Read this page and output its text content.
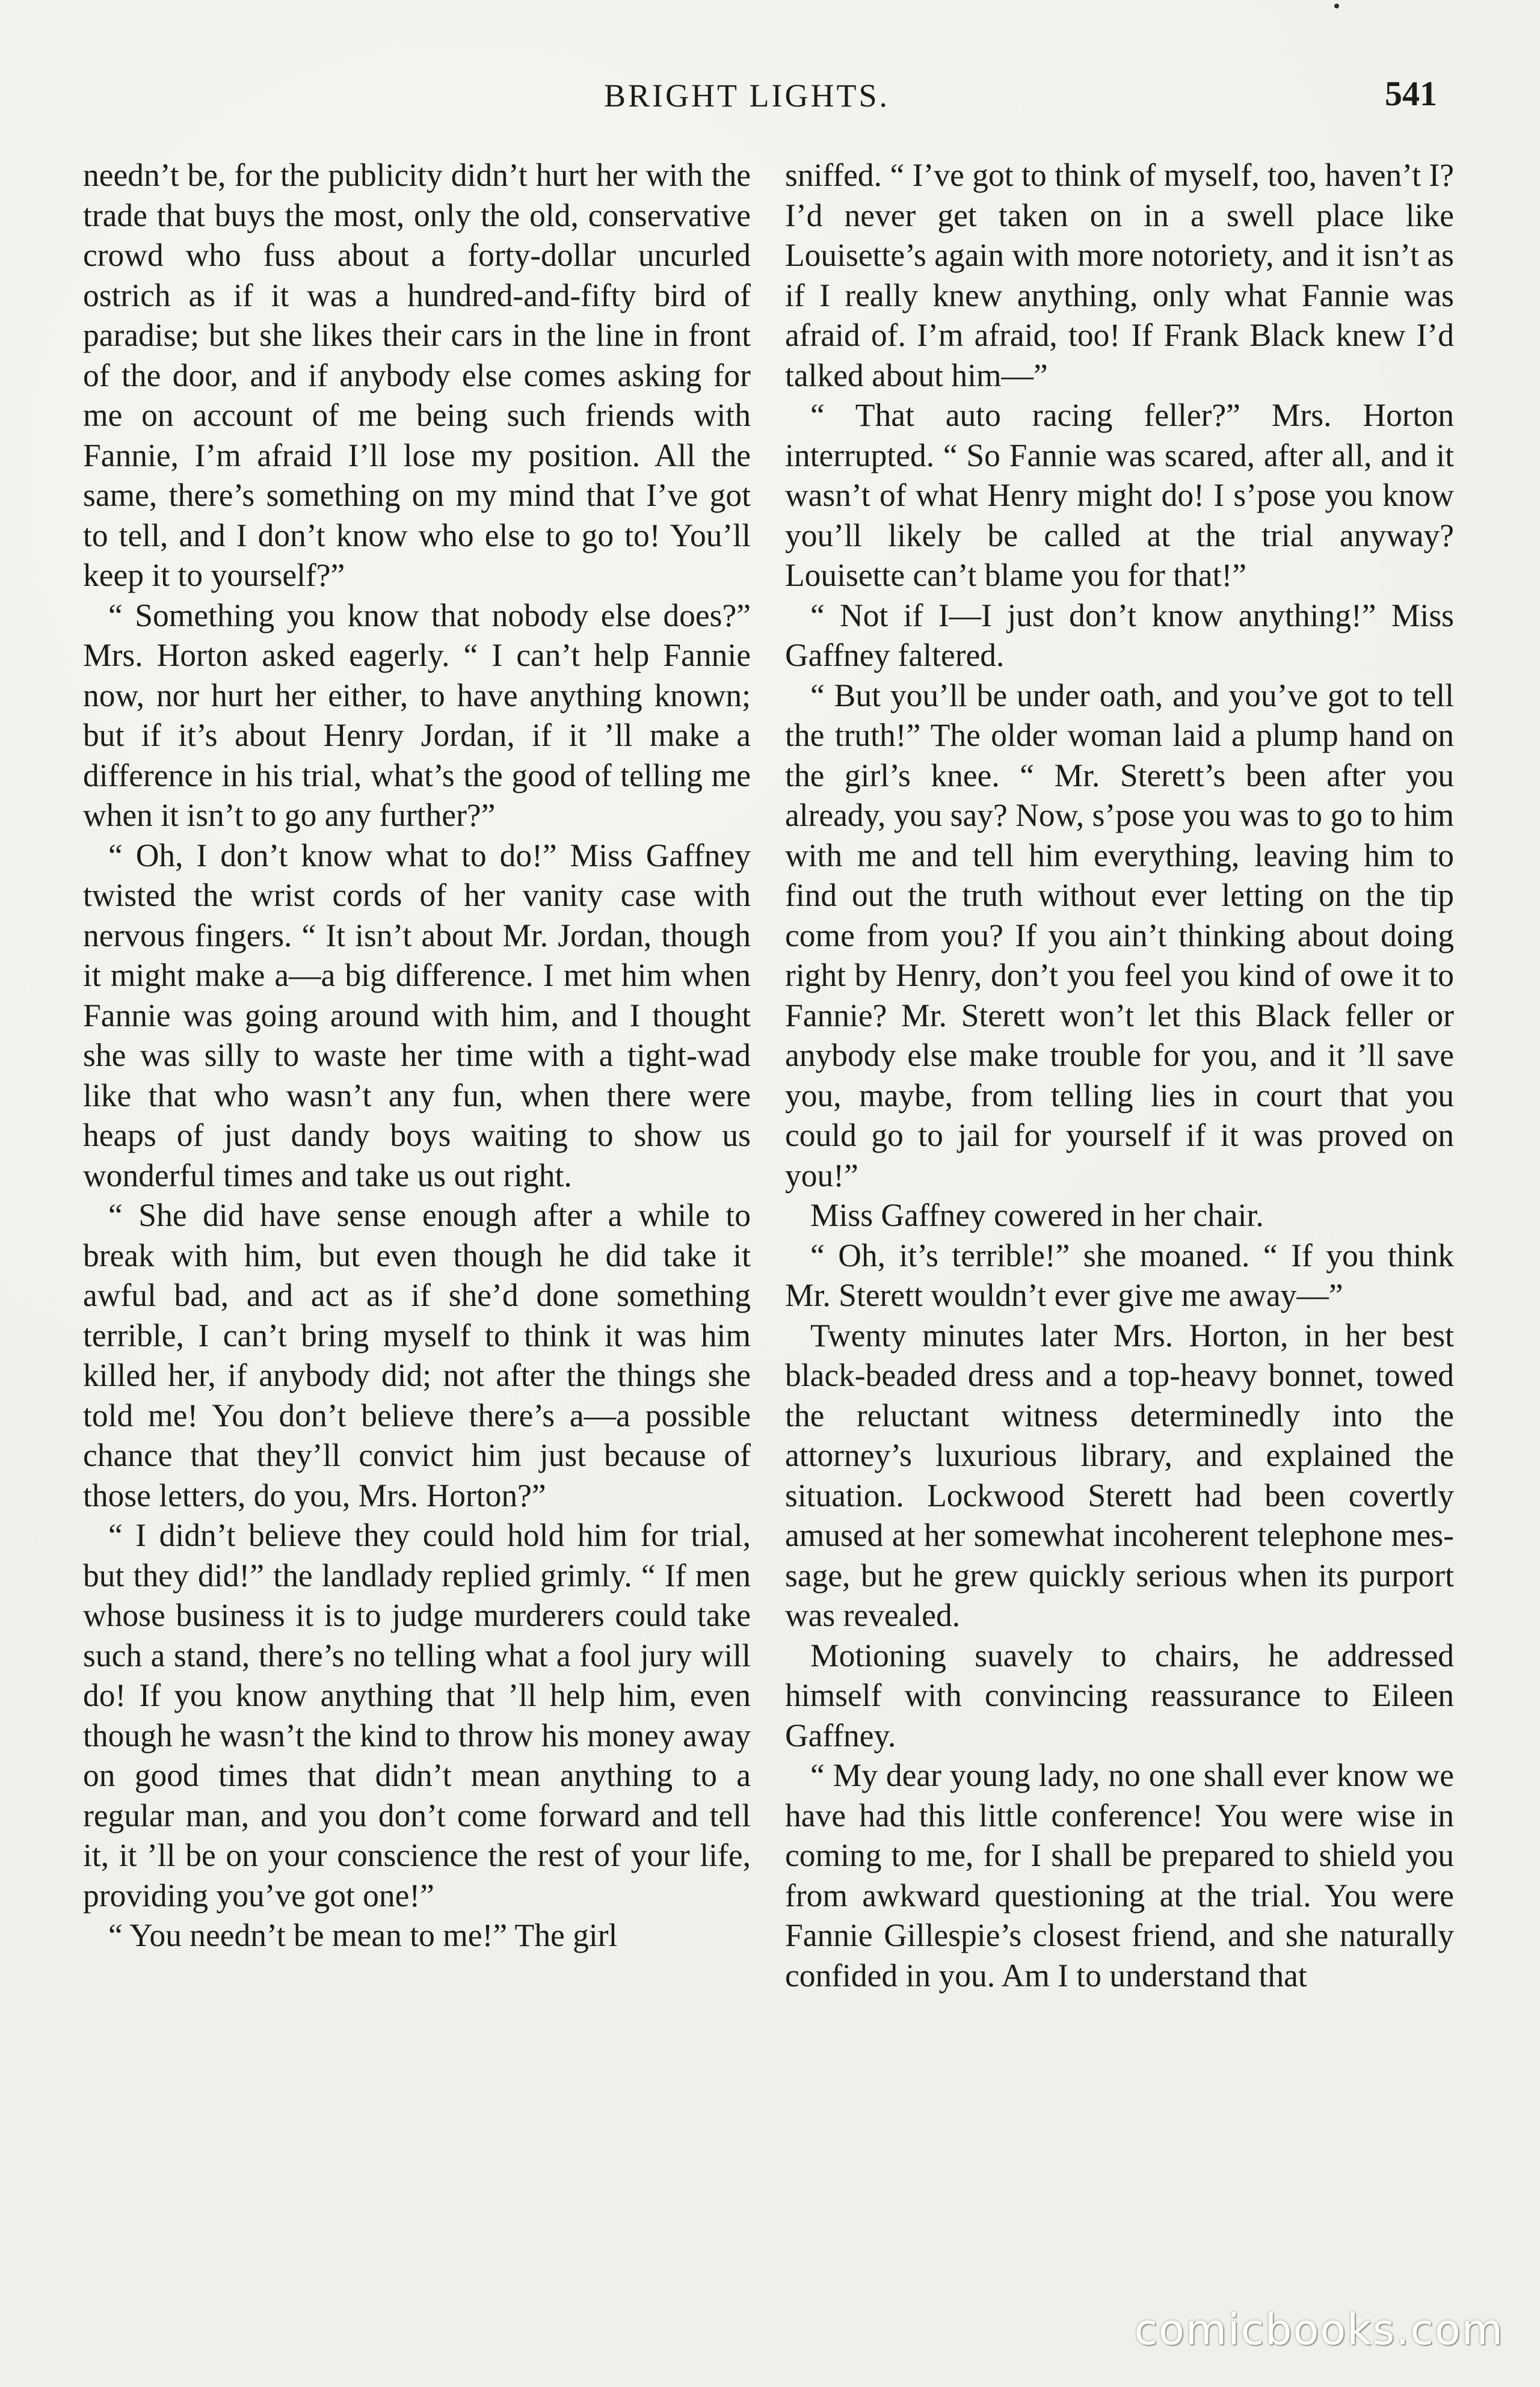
BRIGHT LIGHTS.	541

needn’t be, for the publicity didn’t hurt her with the trade that buys the most, only the old, conservative crowd who fuss about a forty-dollar uncurled ostrich as if it was a hundred-and-fifty bird of paradise; but she likes their cars in the line in front of the door, and if anybody else comes asking for me on account of me being such friends with Fannie, I’m afraid I’ll lose my position. All the same, there’s something on my mind that I’ve got to tell, and I don’t know who else to go to! You’ll keep it to yourself?”

“ Something you know that nobody else does?” Mrs. Horton asked eagerly. “ I can’t help Fannie now, nor hurt her either, to have anything known; but if it’s about Henry Jordan, if it ’ll make a difference in his trial, what’s the good of telling me when it isn’t to go any further?”

“ Oh, I don’t know what to do!” Miss Gaffney twisted the wrist cords of her vanity case with nervous fingers. “ It isn’t about Mr. Jordan, though it might make a—a big difference. I met him when Fannie was going around with him, and I thought she was silly to waste her time with a tight-wad like that who wasn’t any fun, when there were heaps of just dandy boys waiting to show us wonderful times and take us out right.

“ She did have sense enough after a while to break with him, but even though he did take it awful bad, and act as if she’d done something terrible, I can’t bring myself to think it was him killed her, if anybody did; not after the things she told me! You don’t believe there’s a—a possible chance that they’ll convict him just because of those letters, do you, Mrs. Horton?”

“ I didn’t believe they could hold him for trial, but they did!” the landlady replied grimly. “ If men whose business it is to judge murderers could take such a stand, there’s no telling what a fool jury will do! If you know anything that ’ll help him, even though he wasn’t the kind to throw his money away on good times that didn’t mean anything to a regular man, and you don’t come forward and tell it, it ’ll be on your conscience the rest of your life, providing you’ve got one!”

“ You needn’t be mean to me!” The girl

sniffed. “ I’ve got to think of myself, too, haven’t I? I’d never get taken on in a swell place like Louisette’s again with more notoriety, and it isn’t as if I really knew anything, only what Fannie was afraid of. I’m afraid, too! If Frank Black knew I’d talked about him—”

“ That auto racing feller?” Mrs. Horton interrupted. “ So Fannie was scared, after all, and it wasn’t of what Henry might do! I s’pose you know you’ll likely be called at the trial anyway? Louisette can’t blame you for that!”

“ Not if I—I just don’t know anything!” Miss Gaffney faltered.

“ But you’ll be under oath, and you’ve got to tell the truth!” The older woman laid a plump hand on the girl’s knee. “ Mr. Sterett’s been after you already, you say? Now, s’pose you was to go to him with me and tell him everything, leaving him to find out the truth without ever letting on the tip come from you? If you ain’t thinking about doing right by Henry, don’t you feel you kind of owe it to Fannie? Mr. Sterett won’t let this Black feller or anybody else make trouble for you, and it ’ll save you, maybe, from telling lies in court that you could go to jail for yourself if it was proved on you!”

Miss Gaffney cowered in her chair.

“ Oh, it’s terrible!” she moaned. “ If you think Mr. Sterett wouldn’t ever give me away—”

Twenty minutes later Mrs. Horton, in her best black-beaded dress and a top-heavy bonnet, towed the reluctant witness determinedly into the attorney’s luxurious library, and explained the situation. Lockwood Sterett had been covertly amused at her somewhat incoherent telephone message, but he grew quickly serious when its purport was revealed.

Motioning suavely to chairs, he addressed himself with convincing reassurance to Eileen Gaffney.

“ My dear young lady, no one shall ever know we have had this little conference! You were wise in coming to me, for I shall be prepared to shield you from awkward questioning at the trial. You were Fannie Gillespie’s closest friend, and she naturally confided in you. Am I to understand that

comicbooks.com
